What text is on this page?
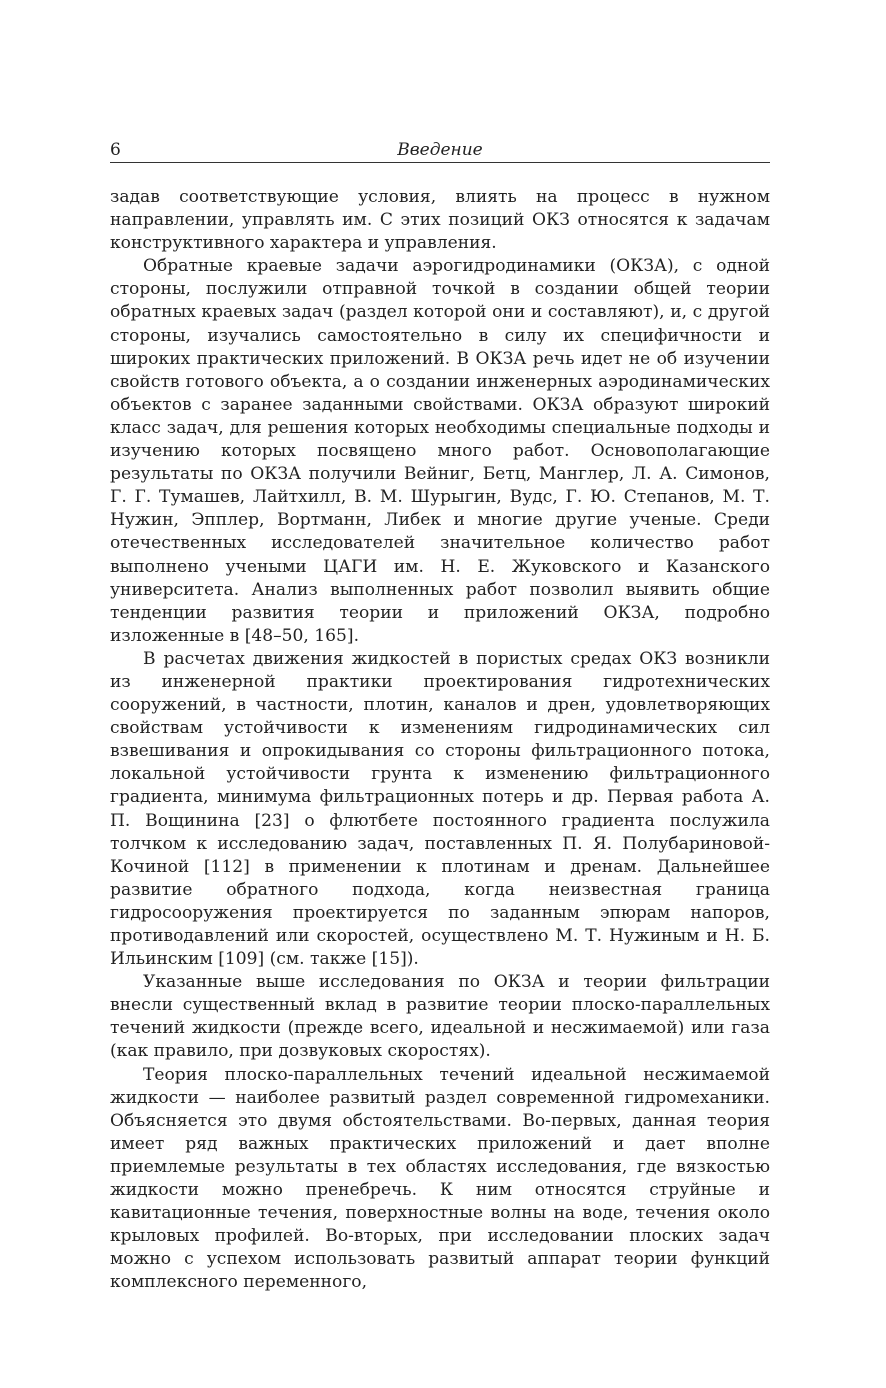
6	Введение

задав соответствующие условия, влиять на процесс в нужном направлении, управлять им. С этих позиций ОКЗ относятся к задачам конструктивного характера и управления.

Обратные краевые задачи аэрогидродинамики (ОКЗА), с одной стороны, послужили отправной точкой в создании общей теории обратных краевых задач (раздел которой они и составляют), и, с другой стороны, изучались самостоятельно в силу их специфичности и широких практических приложений. В ОКЗА речь идет не об изучении свойств готового объекта, а о создании инженерных аэродинамических объектов с заранее заданными свойствами. ОКЗА образуют широкий класс задач, для решения которых необходимы специальные подходы и изучению которых посвящено много работ. Основополагающие результаты по ОКЗА получили Вейниг, Бетц, Манглер, Л. А. Симонов, Г. Г. Тумашев, Лайтхилл, В. М. Шурыгин, Вудс, Г. Ю. Степанов, М. Т. Нужин, Эпплер, Вортманн, Либек и многие другие ученые. Среди отечественных исследователей значительное количество работ выполнено учеными ЦАГИ им. Н. Е. Жуковского и Казанского университета. Анализ выполненных работ позволил выявить общие тенденции развития теории и приложений ОКЗА, подробно изложенные в [48–50, 165].

В расчетах движения жидкостей в пористых средах ОКЗ возникли из инженерной практики проектирования гидротехнических сооружений, в частности, плотин, каналов и дрен, удовлетворяющих свойствам устойчивости к изменениям гидродинамических сил взвешивания и опрокидывания со стороны фильтрационного потока, локальной устойчивости грунта к изменению фильтрационного градиента, минимума фильтрационных потерь и др. Первая работа А. П. Вощинина [23] о флютбете постоянного градиента послужила толчком к исследованию задач, поставленных П. Я. Полубариновой-Кочиной [112] в применении к плотинам и дренам. Дальнейшее развитие обратного подхода, когда неизвестная граница гидросооружения проектируется по заданным эпюрам напоров, противодавлений или скоростей, осуществлено М. Т. Нужиным и Н. Б. Ильинским [109] (см. также [15]).

Указанные выше исследования по ОКЗА и теории фильтрации внесли существенный вклад в развитие теории плоско-параллельных течений жидкости (прежде всего, идеальной и несжимаемой) или газа (как правило, при дозвуковых скоростях).

Теория плоско-параллельных течений идеальной несжимаемой жидкости — наиболее развитый раздел современной гидромеханики. Объясняется это двумя обстоятельствами. Во-первых, данная теория имеет ряд важных практических приложений и дает вполне приемлемые результаты в тех областях исследования, где вязкостью жидкости можно пренебречь. К ним относятся струйные и кавитационные течения, поверхностные волны на воде, течения около крыловых профилей. Во-вторых, при исследовании плоских задач можно с успехом использовать развитый аппарат теории функций комплексного переменного,
